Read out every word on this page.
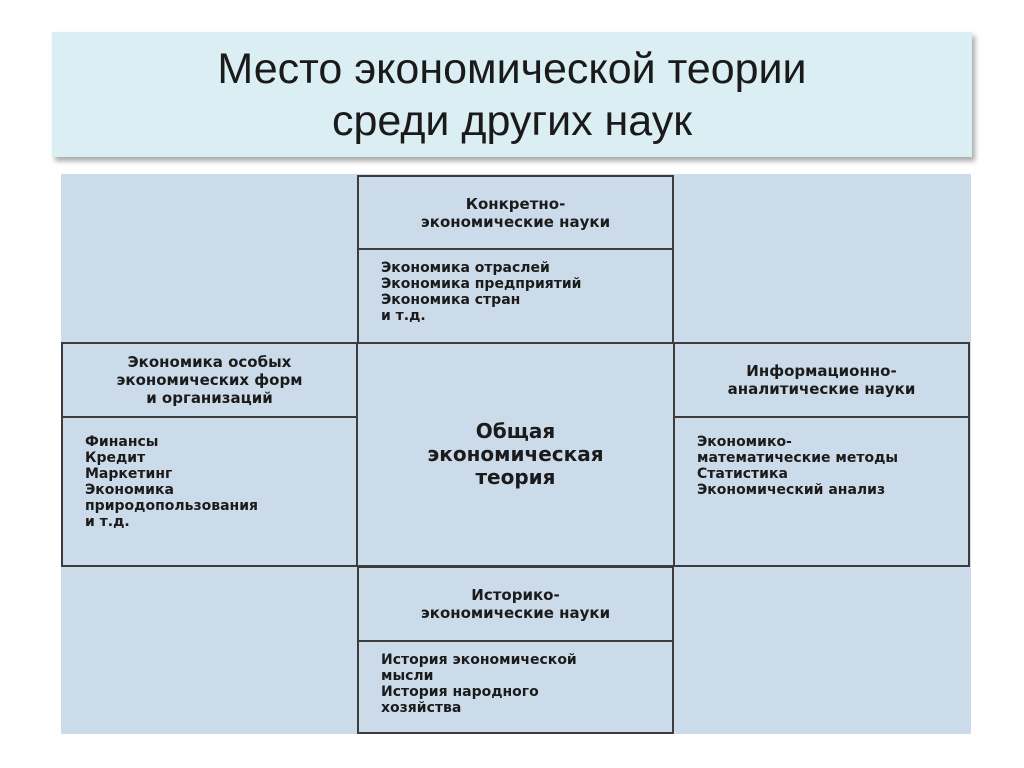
Место экономической теории
среди других наук
Конкретно-
экономические науки
Экономика отраслей
Экономика предприятий
Экономика стран
и т.д.
Экономика особых
экономических форм
и организаций
Финансы
Кредит
Маркетинг
Экономика
природопользования
и т.д.
Общая
экономическая
теория
Информационно-
аналитические науки
Экономико-
математические методы
Статистика
Экономический анализ
Историко-
экономические науки
История экономической
мысли
История народного
хозяйства
